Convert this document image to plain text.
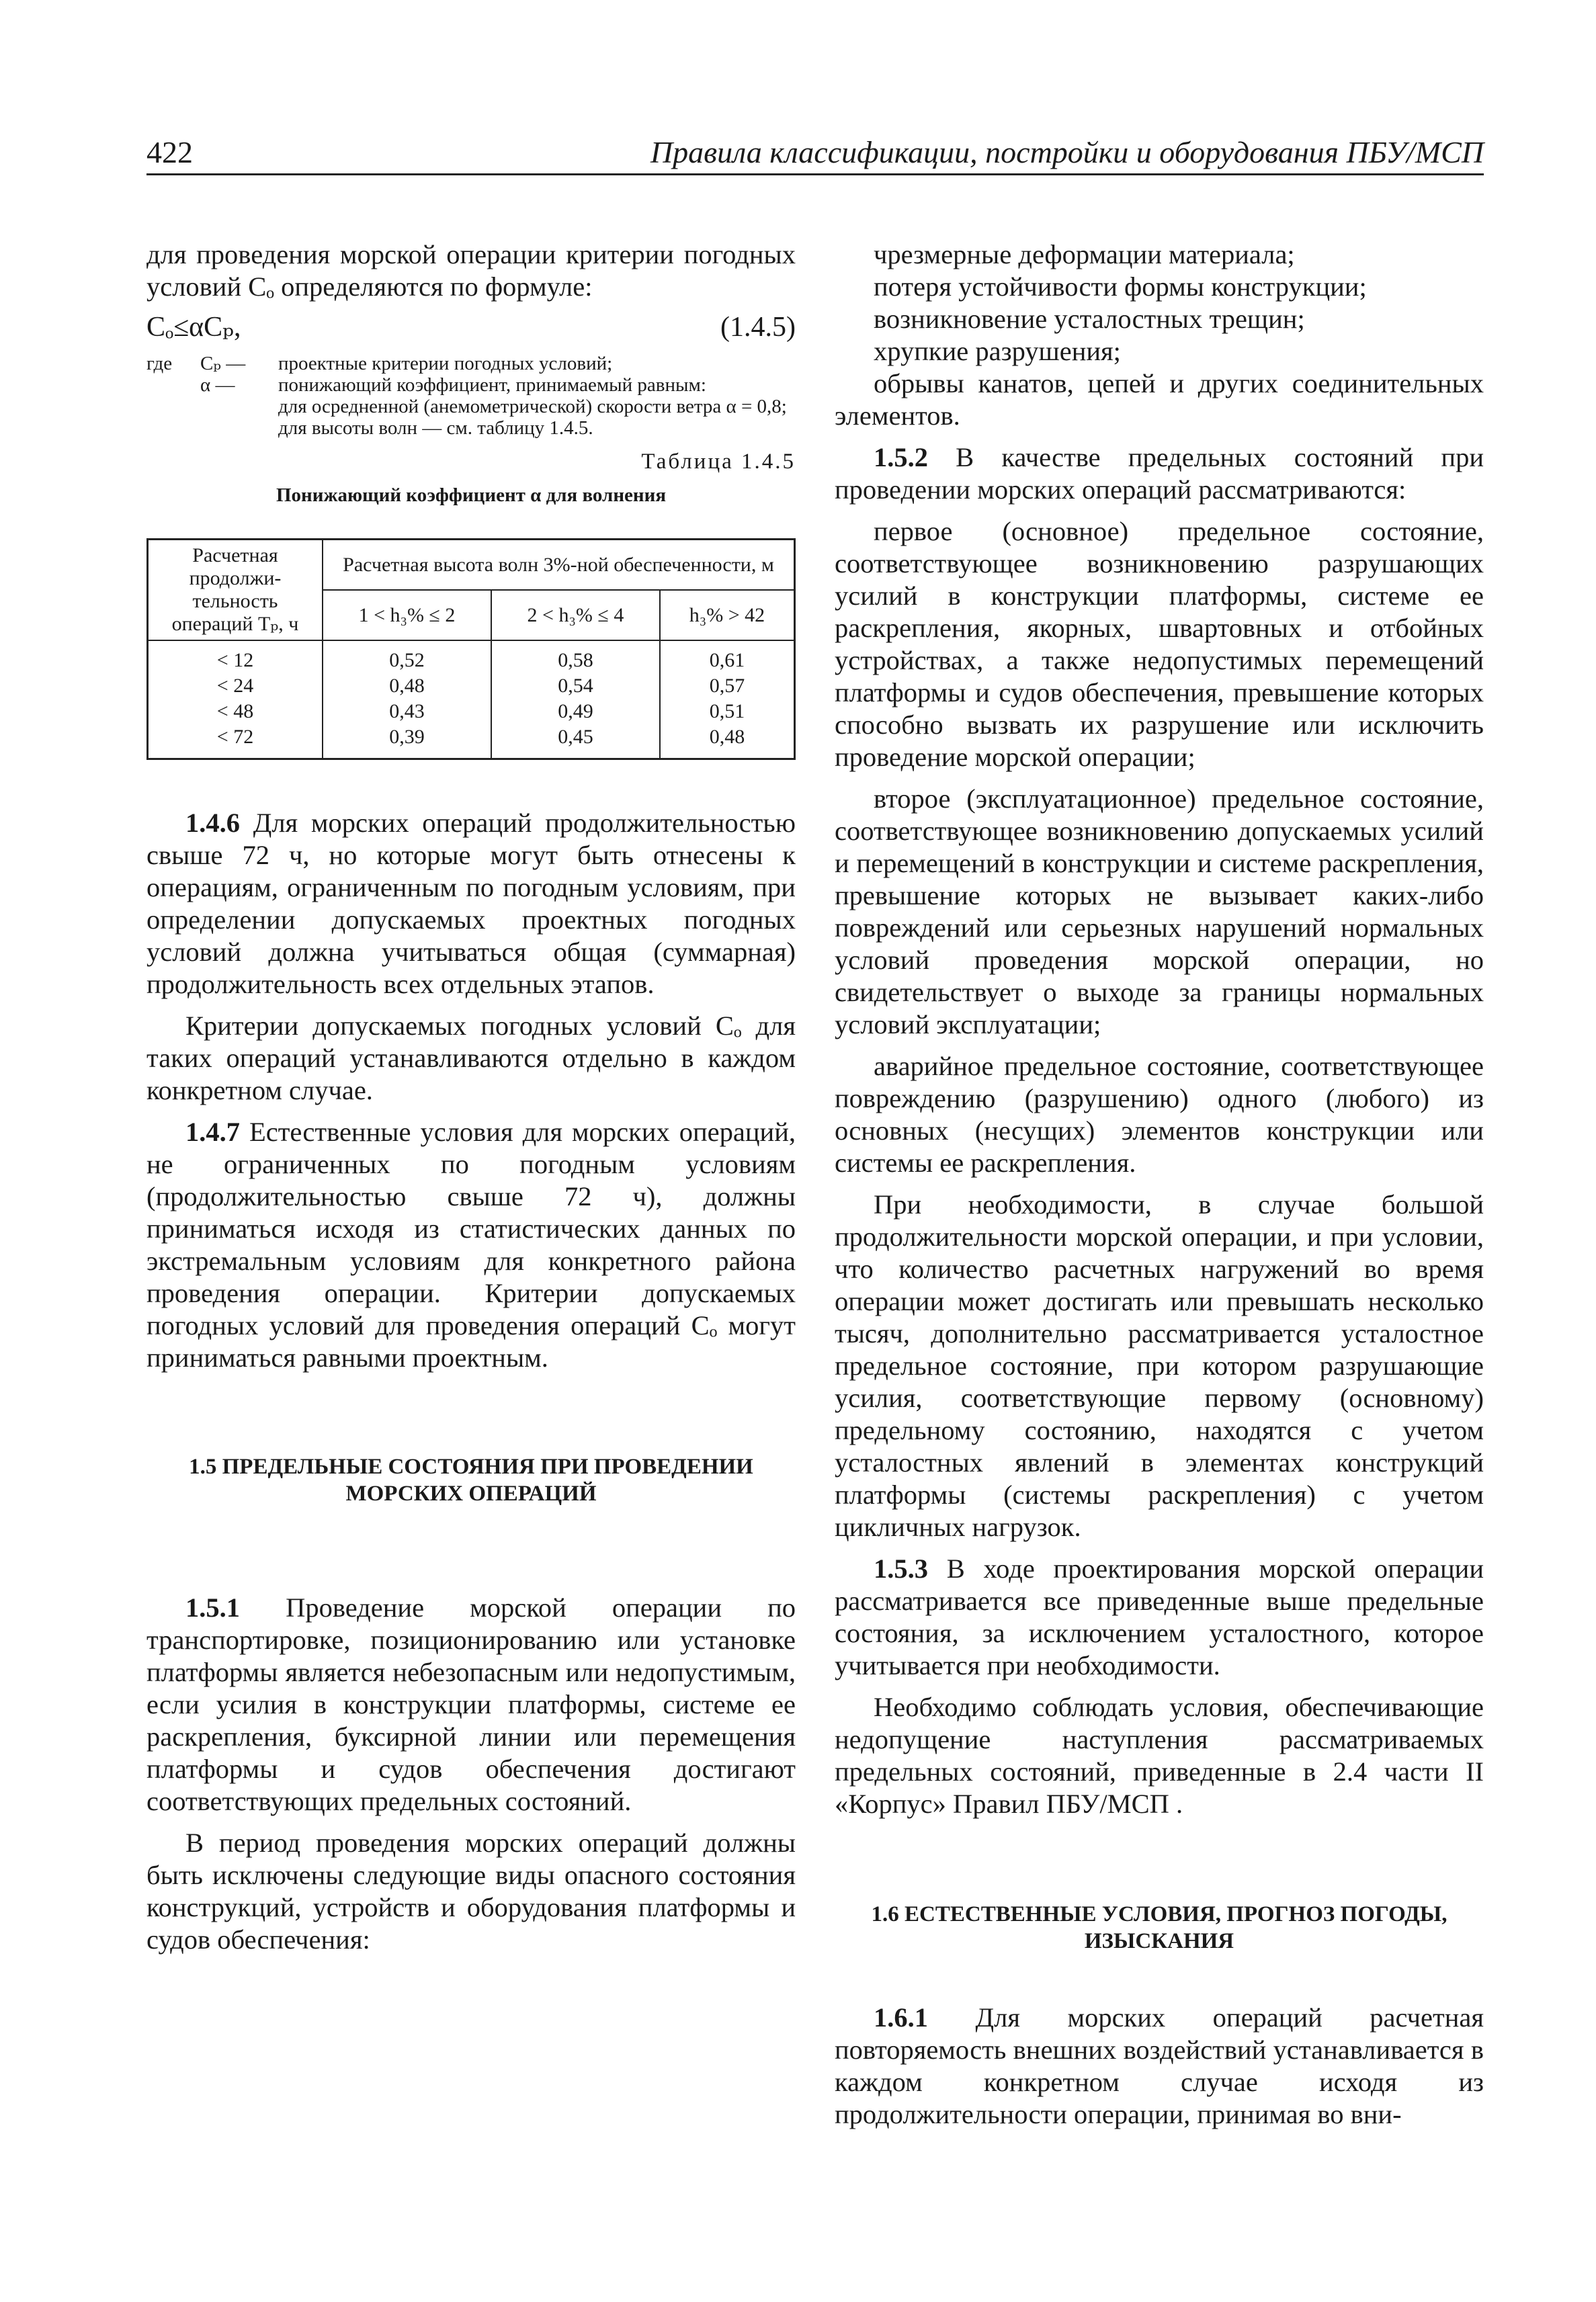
422	Правила классификации, постройки и оборудования ПБУ/МСП

для проведения морской операции критерии погодных условий Cₒ определяются по формуле:

Cₒ≤αCₚ,	(1.4.5)
где Cₚ —	проектные критерии погодных условий;
α —	понижающий коэффициент, принимаемый равным:
для осредненной (анемометрической) скорости ветра α = 0,8;
для высоты волн — см. таблицу 1.4.5.
Таблица 1.4.5
Понижающий коэффициент α для волнения
Расчетная продолжи-тельность операций Tₚ, ч	Расчетная высота волн 3%-ной обеспеченности, м		
	1 < h₃% ≤ 2	2 < h₃% ≤ 4	h₃% > 42
< 12	0,52	0,58	0,61
< 24	0,48	0,54	0,57
< 48	0,43	0,49	0,51
< 72	0,39	0,45	0,48

1.4.6 Для морских операций продолжительностью свыше 72 ч, но которые могут быть отнесены к операциям, ограниченным по погодным условиям, при определении допускаемых проектных погодных условий должна учитываться общая (суммарная) продолжительность всех отдельных этапов.

Критерии допускаемых погодных условий Cₒ для таких операций устанавливаются отдельно в каждом конкретном случае.

1.4.7 Естественные условия для морских операций, не ограниченных по погодным условиям (продолжительностью свыше 72 ч), должны приниматься исходя из статистических данных по экстремальным условиям для конкретного района проведения операции. Критерии допускаемых погодных условий для проведения операций Cₒ могут приниматься равными проектным.

1.5 ПРЕДЕЛЬНЫЕ СОСТОЯНИЯ ПРИ ПРОВЕДЕНИИ
МОРСКИХ ОПЕРАЦИЙ

1.5.1 Проведение морской операции по транспортировке, позиционированию или установке платформы является небезопасным или недопустимым, если усилия в конструкции платформы, системе ее раскрепления, буксирной линии или перемещения платформы и судов обеспечения достигают соответствующих предельных состояний.

В период проведения морских операций должны быть исключены следующие виды опасного состояния конструкций, устройств и оборудования платформы и судов обеспечения:

чрезмерные деформации материала;

потеря устойчивости формы конструкции;

возникновение усталостных трещин;

хрупкие разрушения;

обрывы канатов, цепей и других соединительных элементов.

1.5.2 В качестве предельных состояний при проведении морских операций рассматриваются:

первое (основное) предельное состояние, соответствующее возникновению разрушающих усилий в конструкции платформы, системе ее раскрепления, якорных, швартовных и отбойных устройствах, а также недопустимых перемещений платформы и судов обеспечения, превышение которых способно вызвать их разрушение или исключить проведение морской операции;

второе (эксплуатационное) предельное состояние, соответствующее возникновению допускаемых усилий и перемещений в конструкции и системе раскрепления, превышение которых не вызывает каких-либо повреждений или серьезных нарушений нормальных условий проведения морской операции, но свидетельствует о выходе за границы нормальных условий эксплуатации;

аварийное предельное состояние, соответствующее повреждению (разрушению) одного (любого) из основных (несущих) элементов конструкции или системы ее раскрепления.

При необходимости, в случае большой продолжительности морской операции, и при условии, что количество расчетных нагружений во время операции может достигать или превышать несколько тысяч, дополнительно рассматривается усталостное предельное состояние, при котором разрушающие усилия, соответствующие первому (основному) предельному состоянию, находятся с учетом усталостных явлений в элементах конструкций платформы (системы раскрепления) с учетом цикличных нагрузок.

1.5.3 В ходе проектирования морской операции рассматривается все приведенные выше предельные состояния, за исключением усталостного, которое учитывается при необходимости.

Необходимо соблюдать условия, обеспечивающие недопущение наступления рассматриваемых предельных состояний, приведенные в 2.4 части II «Корпус» Правил ПБУ/МСП .

1.6 ЕСТЕСТВЕННЫЕ УСЛОВИЯ, ПРОГНОЗ ПОГОДЫ,
ИЗЫСКАНИЯ

1.6.1 Для морских операций расчетная повторяемость внешних воздействий устанавливается в каждом конкретном случае исходя из продолжительности операции, принимая во вни-
